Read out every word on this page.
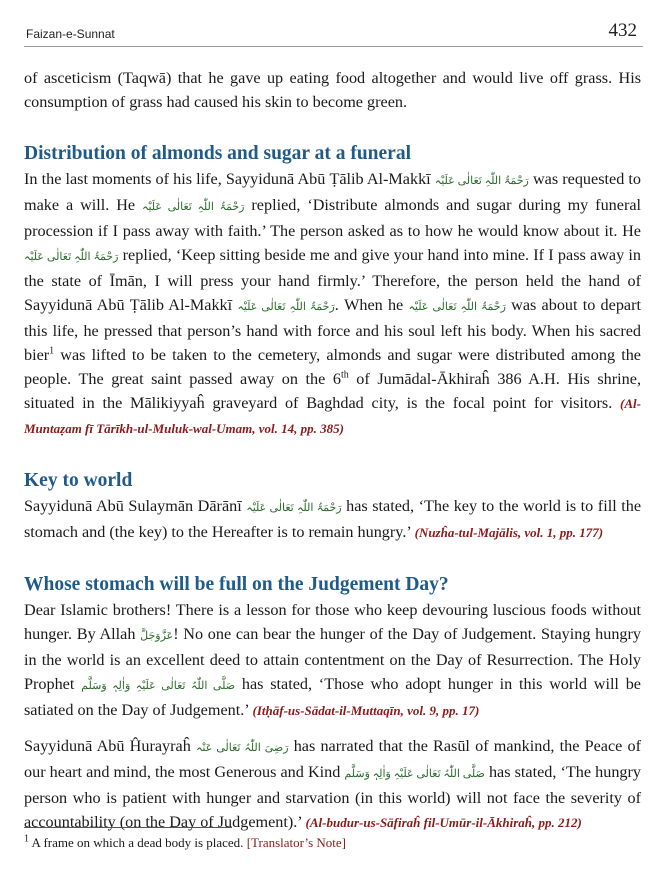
Faizan-e-Sunnat	432

of asceticism (Taqwā) that he gave up eating food altogether and would live off grass. His consumption of grass had caused his skin to become green.

Distribution of almonds and sugar at a funeral

In the last moments of his life, Sayyidunā Abū Ṭālib Al-Makkī رَحْمَۃُ اللّٰہِ تَعَالٰی عَلَیْہ was requested to make a will. He رَحْمَۃُ اللّٰہِ تَعَالٰی عَلَیْہ replied, ‘Distribute almonds and sugar during my funeral procession if I pass away with faith.’ The person asked as to how he would know about it. He رَحْمَۃُ اللّٰہِ تَعَالٰی عَلَیْہ replied, ‘Keep sitting beside me and give your hand into mine. If I pass away in the state of Īmān, I will press your hand firmly.’ Therefore, the person held the hand of Sayyidunā Abū Ṭālib Al-Makkī رَحْمَۃُ اللّٰہِ تَعَالٰی عَلَیْہ. When he رَحْمَۃُ اللّٰہِ تَعَالٰی عَلَیْہ was about to depart this life, he pressed that person’s hand with force and his soul left his body. When his sacred bier$^1$ was lifted to be taken to the cemetery, almonds and sugar were distributed among the people. The great saint passed away on the 6th of Jumādal-Ākhiraĥ 386 A.H. His shrine, situated in the Mālikiyyaĥ graveyard of Baghdad city, is the focal point for visitors. (Al-Muntaẓam fī Tārīkh-ul-Muluk-wal-Umam, vol. 14, pp. 385)

Key to world

Sayyidunā Abū Sulaymān Dārānī رَحْمَۃُ اللّٰہِ تَعَالٰی عَلَیْہ has stated, ‘The key to the world is to fill the stomach and (the key) to the Hereafter is to remain hungry.’ (Nuzĥa-tul-Majālis, vol. 1, pp. 177)

Whose stomach will be full on the Judgement Day?

Dear Islamic brothers! There is a lesson for those who keep devouring luscious foods without hunger. By Allah عَزَّوَجَلَّ! No one can bear the hunger of the Day of Judgement. Staying hungry in the world is an excellent deed to attain contentment on the Day of Resurrection. The Holy Prophet صَلَّی اللّٰہُ تَعَالٰی عَلَیْہِ وَاٰلِہٖ وَسَلَّم has stated, ‘Those who adopt hunger in this world will be satiated on the Day of Judgement.’ (Itḥāf-us-Sādat-il-Muttaqīn, vol. 9, pp. 17)

Sayyidunā Abū Ĥurayraĥ رَضِیَ اللّٰہُ تَعَالٰی عَنْہ has narrated that the Rasūl of mankind, the Peace of our heart and mind, the most Generous and Kind صَلَّی اللّٰہُ تَعَالٰی عَلَیْہِ وَاٰلِہٖ وَسَلَّم has stated, ‘The hungry person who is patient with hunger and starvation (in this world) will not face the severity of accountability (on the Day of Judgement).’ (Al-budur-us-Sāfiraĥ fil-Umūr-il-Ākhiraĥ, pp. 212)

$^1$ A frame on which a dead body is placed. [Translator’s Note]
